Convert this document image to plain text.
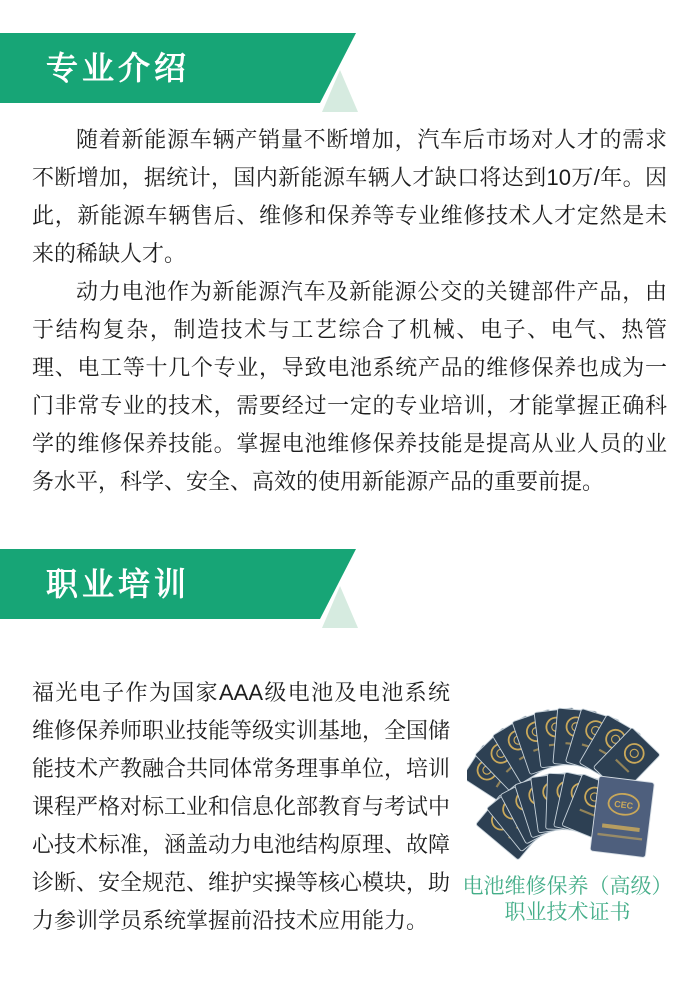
专业介绍

随着新能源车辆产销量不断增加，汽车后市场对人才的需求不断增加，据统计，国内新能源车辆人才缺口将达到10万/年。因此，新能源车辆售后、维修和保养等专业维修技术人才定然是未来的稀缺人才。

动力电池作为新能源汽车及新能源公交的关键部件产品，由于结构复杂，制造技术与工艺综合了机械、电子、电气、热管理、电工等十几个专业，导致电池系统产品的维修保养也成为一门非常专业的技术，需要经过一定的专业培训，才能掌握正确科学的维修保养技能。掌握电池维修保养技能是提高从业人员的业务水平，科学、安全、高效的使用新能源产品的重要前提。

职业培训

福光电子作为国家AAA级电池及电池系统维修保养师职业技能等级实训基地，全国储能技术产教融合共同体常务理事单位，培训课程严格对标工业和信息化部教育与考试中心技术标准，涵盖动力电池结构原理、故障诊断、安全规范、维护实操等核心模块，助力参训学员系统掌握前沿技术应用能力。

CEC
电池维修保养（高级）
职业技术证书
